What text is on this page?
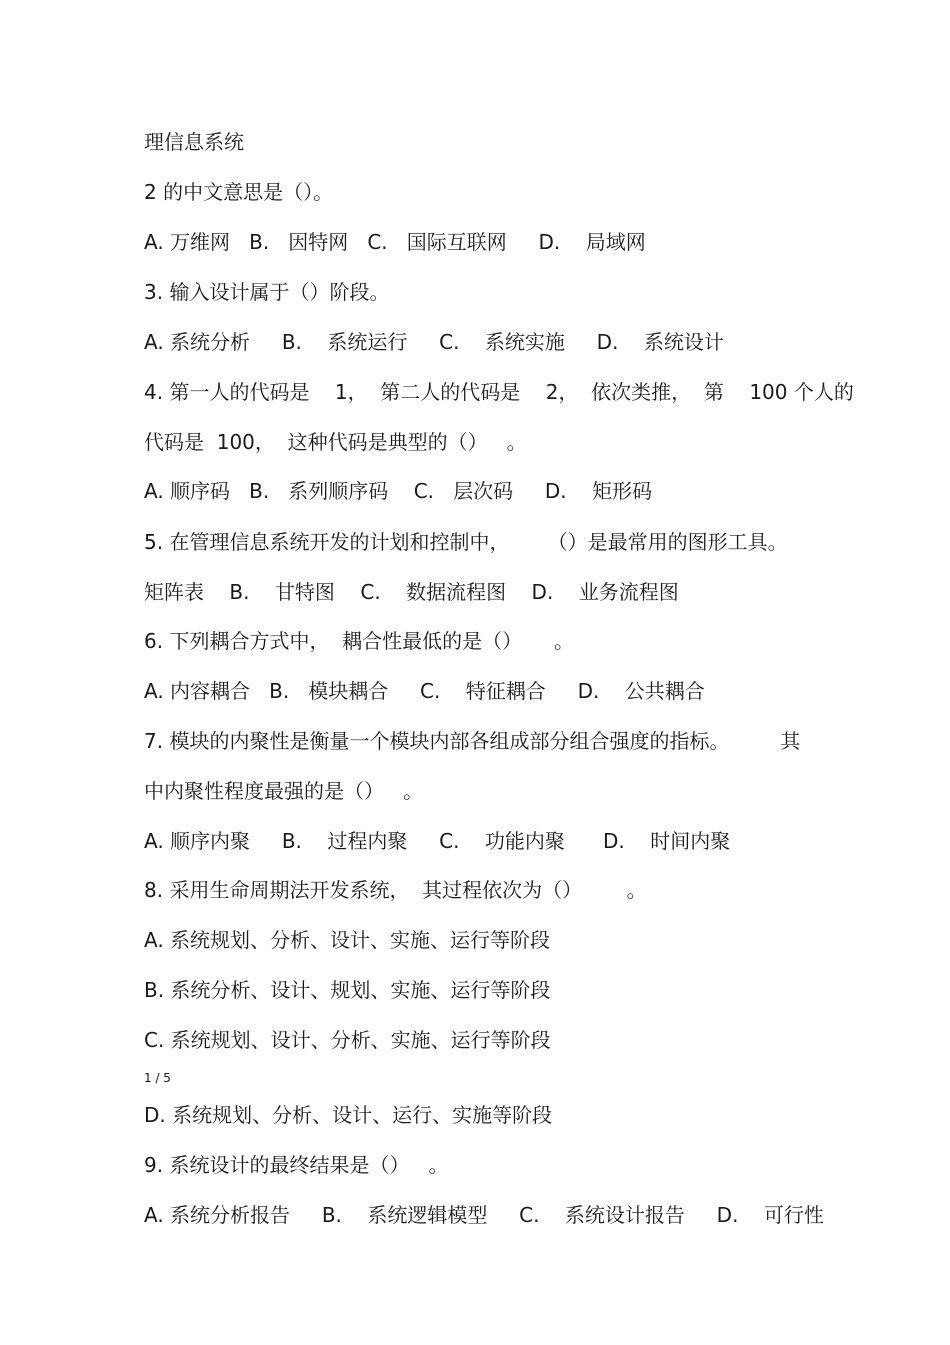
理信息系统
2 的中文意思是（）。
A. 万维网   B.   因特网   C.   国际互联网     D.    局域网
3. 输入设计属于（）阶段。
A. 系统分析     B.    系统运行     C.    系统实施     D.    系统设计
4. 第一人的代码是    1，  第二人的代码是    2，  依次类推，  第    100 个人的
代码是  100，  这种代码是典型的（）   。
A. 顺序码   B.   系列顺序码    C.   层次码     D.    矩形码
5. 在管理信息系统开发的计划和控制中，      （）是最常用的图形工具。
矩阵表    B.    甘特图    C.    数据流程图    D.    业务流程图
6. 下列耦合方式中，  耦合性最低的是（）     。
A. 内容耦合   B.   模块耦合     C.    特征耦合     D.    公共耦合
7. 模块的内聚性是衡量一个模块内部各组成部分组合强度的指标。        其
中内聚性程度最强的是（）   。
A. 顺序内聚     B.    过程内聚     C.    功能内聚      D.    时间内聚
8. 采用生命周期法开发系统，  其过程依次为（）       。
A. 系统规划、分析、设计、实施、运行等阶段
B. 系统分析、设计、规划、实施、运行等阶段
C. 系统规划、设计、分析、实施、运行等阶段
1 / 5
D. 系统规划、分析、设计、运行、实施等阶段
9. 系统设计的最终结果是（）   。
A. 系统分析报告     B.    系统逻辑模型     C.    系统设计报告     D.    可行性
